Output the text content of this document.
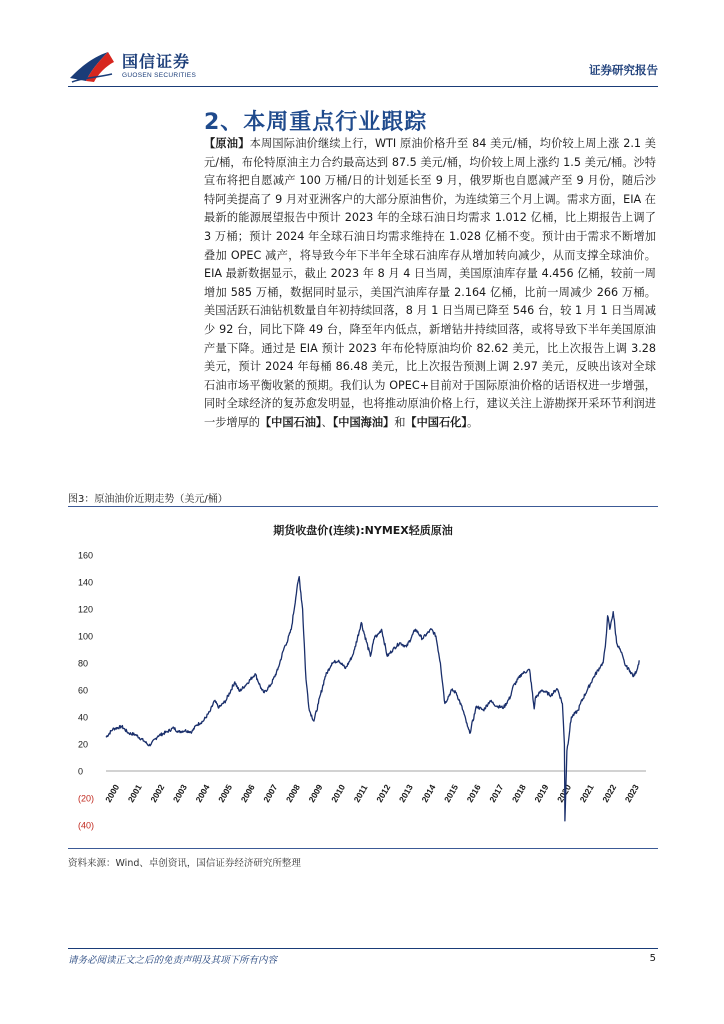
国信证券
GUOSEN SECURITIES	证券研究报告
2、本周重点行业跟踪
【原油】本周国际油价继续上行，WTI 原油价格升至 84 美元/桶，均价较上周上涨 2.1 美元/桶，布伦特原油主力合约最高达到 87.5 美元/桶，均价较上周上涨约 1.5 美元/桶。沙特宣布将把自愿减产 100 万桶/日的计划延长至 9 月，俄罗斯也自愿减产至 9 月份，随后沙特阿美提高了 9 月对亚洲客户的大部分原油售价，为连续第三个月上调。需求方面，EIA 在最新的能源展望报告中预计 2023 年的全球石油日均需求 1.012 亿桶，比上期报告上调了 3 万桶；预计 2024 年全球石油日均需求维持在 1.028 亿桶不变。预计由于需求不断增加叠加 OPEC 减产，将导致今年下半年全球石油库存从增加转向减少，从而支撑全球油价。EIA 最新数据显示，截止 2023 年 8 月 4 日当周，美国原油库存量 4.456 亿桶，较前一周增加 585 万桶，数据同时显示，美国汽油库存量 2.164 亿桶，比前一周减少 266 万桶。美国活跃石油钻机数量自年初持续回落，8 月 1 日当周已降至 546 台，较 1 月 1 日当周减少 92 台，同比下降 49 台，降至年内低点，新增钻井持续回落，或将导致下半年美国原油产量下降。通过是 EIA 预计 2023 年布伦特原油均价 82.62 美元，比上次报告上调 3.28 美元，预计 2024 年每桶 86.48 美元，比上次报告预测上调 2.97 美元，反映出该对全球石油市场平衡收紧的预期。我们认为 OPEC+目前对于国际原油价格的话语权进一步增强，同时全球经济的复苏愈发明显，也将推动原油价格上行，建议关注上游勘探开采环节利润进一步增厚的【中国石油】、【中国海油】和【中国石化】。
图3：原油油价近期走势（美元/桶）
期货收盘价(连续):NYMEX轻质原油
(40)
(20)
0
20
40
60
80
100
120
140
160
2000 2001 2002 2003 2004 2005 2006 2007 2008 2009 2010 2011 2012 2013 2014 2015 2016 2017 2018 2019 2020 2021 2022 2023
资料来源：Wind、卓创资讯，国信证券经济研究所整理
请务必阅读正文之后的免责声明及其项下所有内容	5
